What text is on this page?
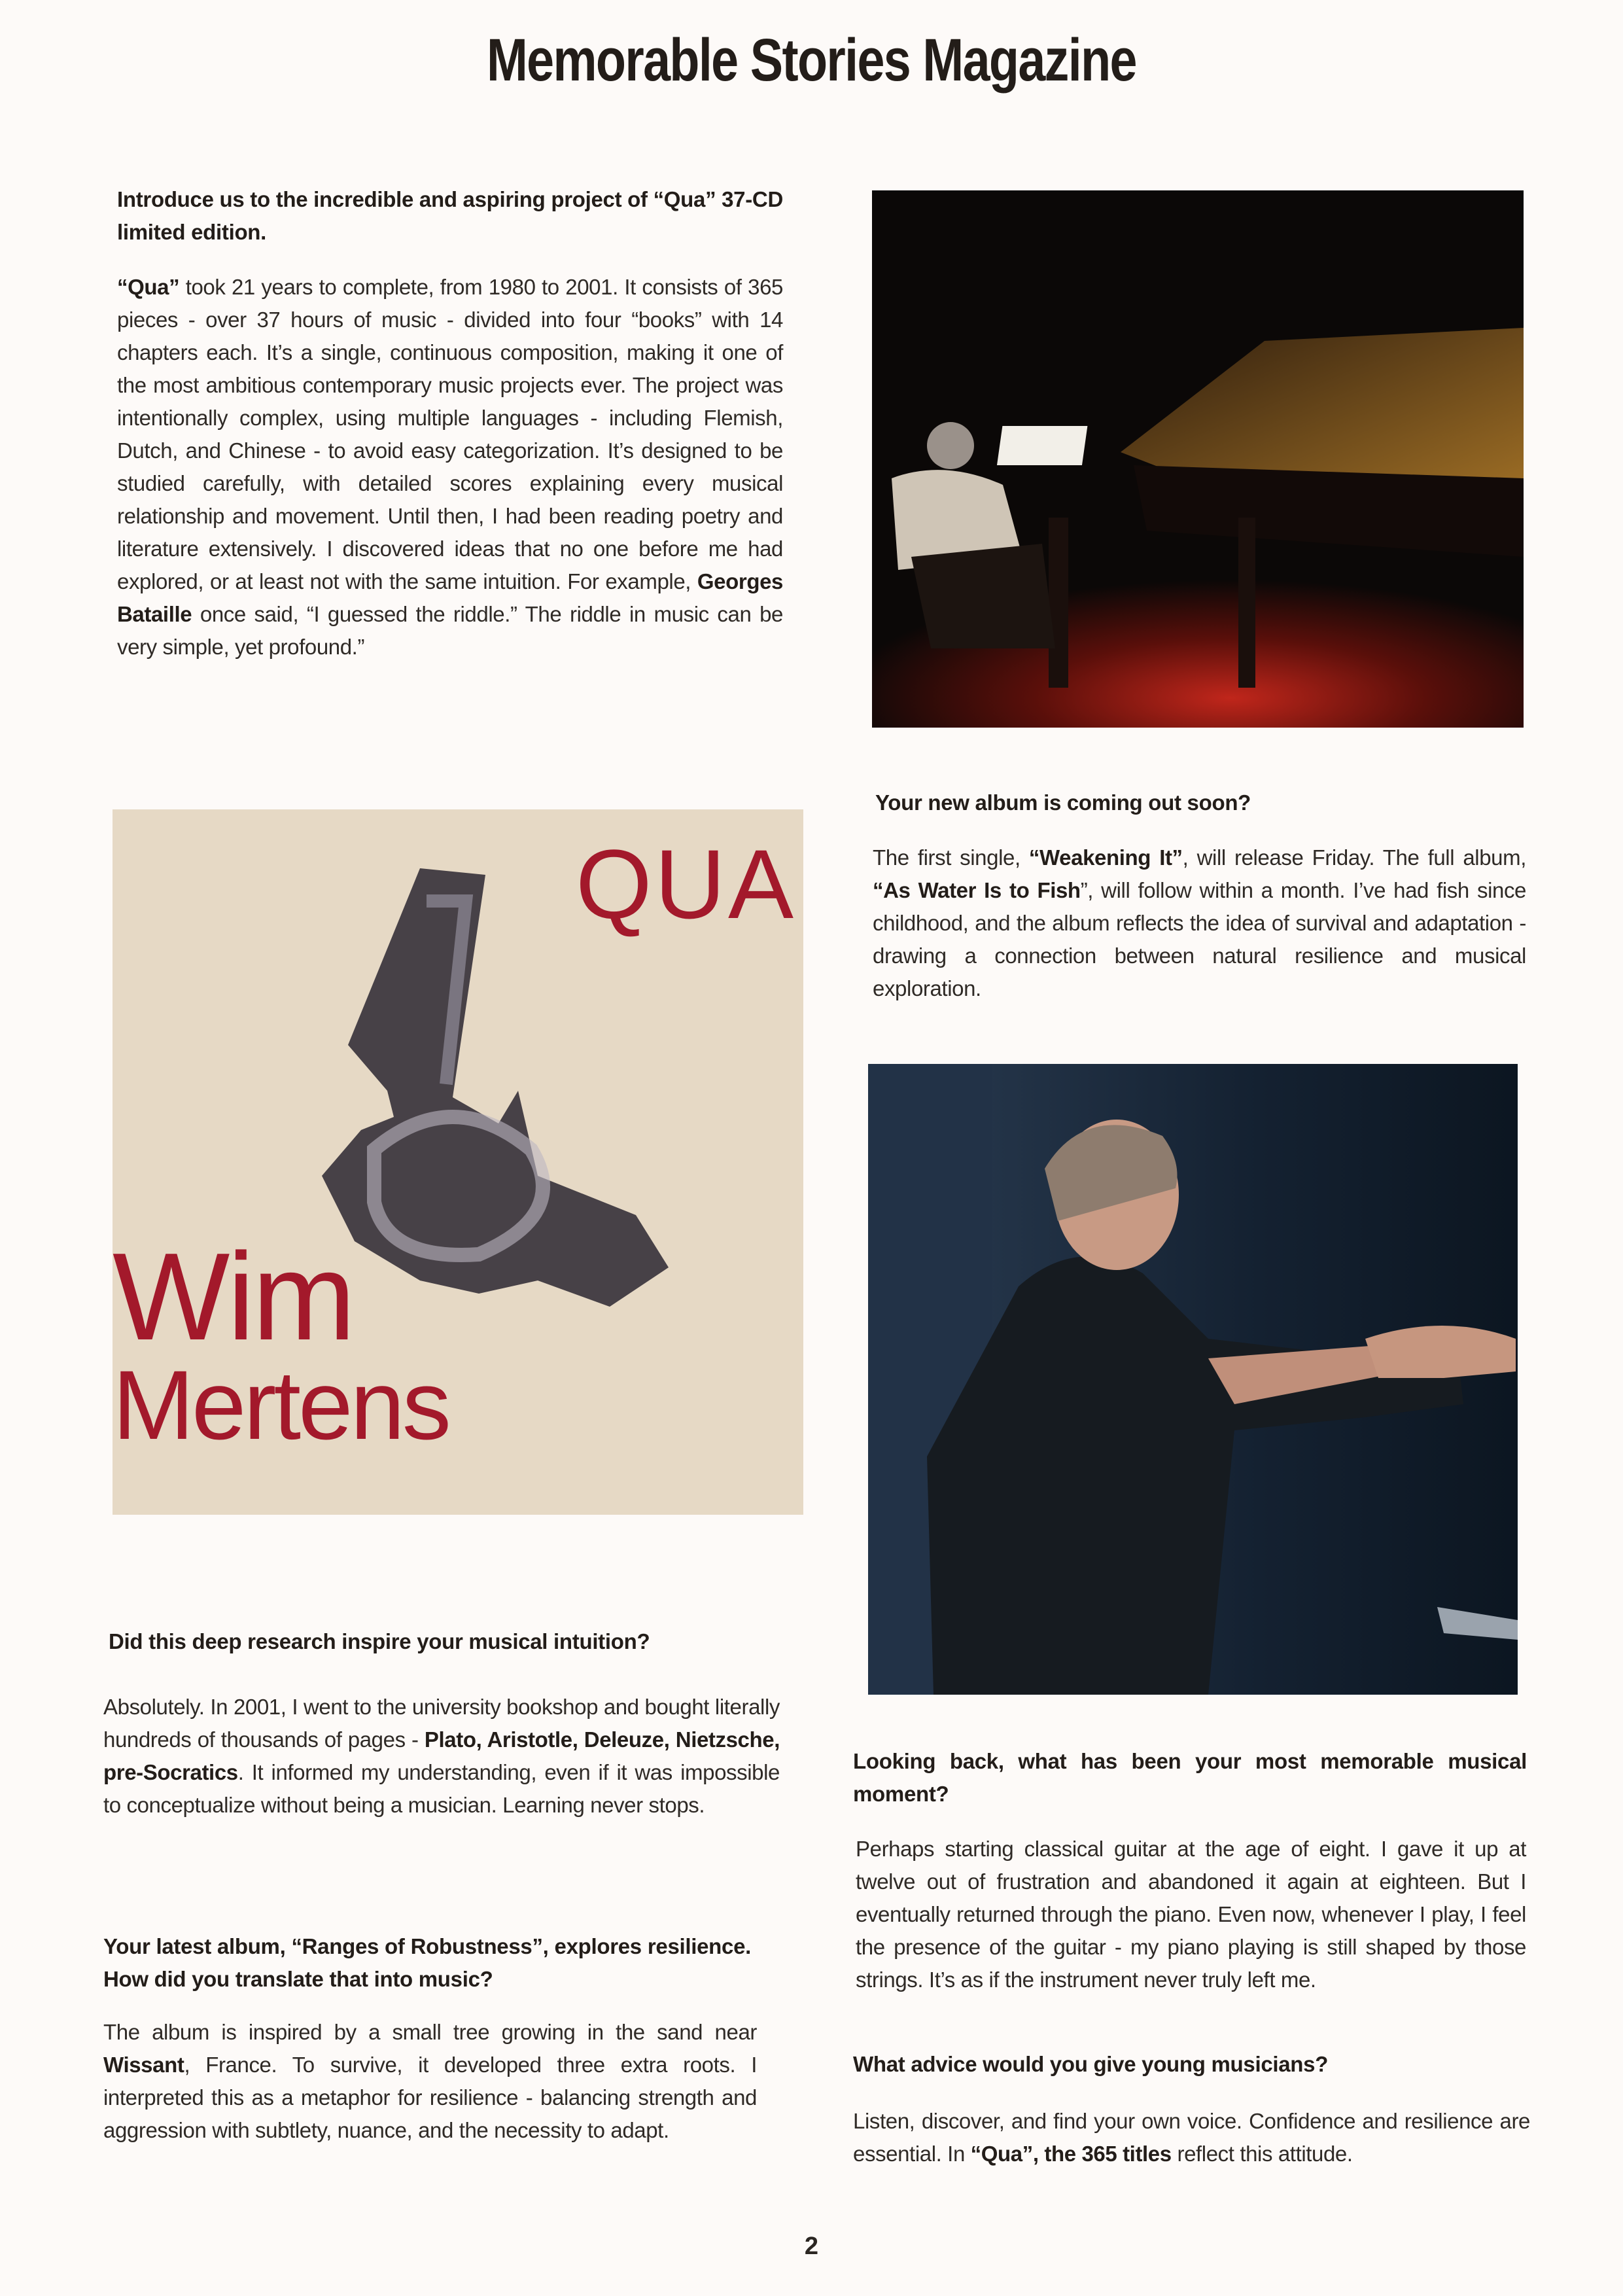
Memorable Stories Magazine
Introduce us to the incredible and aspiring project of “Qua” 37-CD limited edition.
“Qua” took 21 years to complete, from 1980 to 2001. It consists of 365 pieces - over 37 hours of music - divided into four “books” with 14 chapters each. It’s a single, continuous composition, making it one of the most ambitious contemporary music projects ever. The project was intentionally complex, using multiple languages - including Flemish, Dutch, and Chinese - to avoid easy categorization. It’s designed to be studied carefully, with detailed scores explaining every musical relationship and movement. Until then, I had been reading poetry and literature extensively. I discovered ideas that no one before me had explored, or at least not with the same intuition. For example, Georges Bataille once said, “I guessed the riddle.” The riddle in music can be very simple, yet profound.”
Your new album is coming out soon?
The first single, “Weakening It”, will release Friday. The full album, “As Water Is to Fish”, will follow within a month. I’ve had fish since childhood, and the album reflects the idea of survival and adaptation - drawing a connection between natural resilience and musical exploration.
QUA
Wim
Mertens
Did this deep research inspire your musical intuition?
Absolutely. In 2001, I went to the university bookshop and bought literally hundreds of thousands of pages - Plato, Aristotle, Deleuze, Nietzsche, pre-Socratics. It informed my understanding, even if it was impossible to conceptualize without being a musician. Learning never stops.
Your latest album, “Ranges of Robustness”, explores resilience. How did you translate that into music?
The album is inspired by a small tree growing in the sand near Wissant, France. To survive, it developed three extra roots. I interpreted this as a metaphor for resilience - balancing strength and aggression with subtlety, nuance, and the necessity to adapt.
Looking back, what has been your most memorable musical moment?
Perhaps starting classical guitar at the age of eight. I gave it up at twelve out of frustration and abandoned it again at eighteen. But I eventually returned through the piano. Even now, whenever I play, I feel the presence of the guitar - my piano playing is still shaped by those strings. It’s as if the instrument never truly left me.
What advice would you give young musicians?
Listen, discover, and find your own voice. Confidence and resilience are essential. In “Qua”, the 365 titles reflect this attitude.
2
